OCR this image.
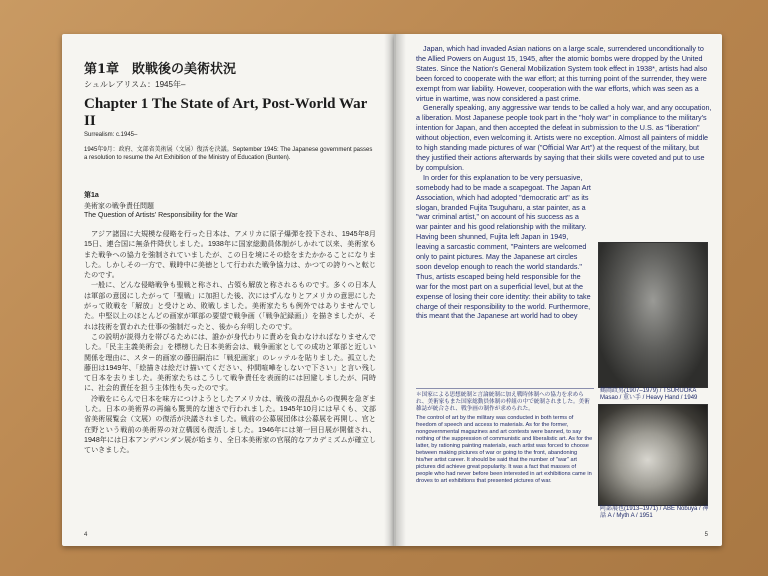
第1章　敗戦後の美術状況
シュルレアリスム：1945年–
Chapter 1 The State of Art, Post-World War II
Surrealism: c.1945–
1945年9月：政府、文部省美術展（文展）復活を決議。September 1945: The Japanese government passes a resolution to resume the Art Exhibition of the Ministry of Education (Bunten).
第1a
美術家の戦争責任問題
The Question of Artists' Responsibility for the War

アジア諸国に大規模な侵略を行った日本は、アメリカに原子爆弾を投下され、1945年8月15日、連合国に無条件降伏しました。1938年に国家総動員体制がしかれて以来、美術家もまた戦争への協力を強制されていましたが、この日を境にその絵をまたかかることになりました。しかしその一方で、戦時中に美徳として行われた戦争協力は、かつての誇りへと転じたのです。

一般に、どんな侵略戦争も聖戦と称され、占領も解放と称されるものです。多くの日本人は軍部の意図にしたがって「聖戦」に加担した後、次にはずんなりとアメリカの意思にしたがって敗戦を「解放」と受けとめ、敗戦しました。美術家たちも例外ではありませんでした。中堅以上のほとんどの画家が軍部の要望で戦争画（「戦争記録画」）を描きましたが、それは技術を買われた仕事の強制だったと、後から弁明したのです。

この説明が説得力を帯びるためには、誰かが身代わりに責めを負わなければなりませんでした。「民主主義美術会」を標榜した日本美術会は、戦争画家としての成功と軍部と近しい関係を理由に、スター的画家の藤田嗣治に「戦犯画家」のレッテルを貼りました。孤立した藤田は1949年、「絵描きは絵だけ描いてください、仲間喧嘩をしないで下さい」と言い残して日本を去りました。美術家たちはこうして戦争責任を表面的には回避しましたが、同時に、社会的責任を担う主体性も失ったのです。

冷戦をにらんで日本を味方につけようとしたアメリカは、戦後の混乱からの復興を急ぎました。日本の美術界の再編も驚異的な速さで行われました。1945年10月には早くも、文部省美術展覧会（文展）の復活が決議されました。戦前の公募展団体は公募展を再開し、官と在野という戦前の美術界の対立構図も復活しました。1946年には第一回日展が開催され、1948年には日本アンデパンダン展が始まり、全日本美術家の官展的なアカデミズムが確立していきました。

4

Japan, which had invaded Asian nations on a large scale, surrendered unconditionally to the Allied Powers on August 15, 1945, after the atomic bombs were dropped by the United States. Since the Nation's General Mobilization System took effect in 1938*, artists had also been forced to cooperate with the war effort; at this turning point of the surrender, they were exempt from war liability. However, cooperation with the war efforts, which was seen as a virtue in wartime, was now considered a past crime.

Generally speaking, any aggressive war tends to be called a holy war, and any occupation, a liberation. Most Japanese people took part in the "holy war" in compliance to the military's intention for Japan, and then accepted the defeat in submission to the U.S. as "liberation" without objection, even welcoming it. Artists were no exception. Almost all painters of middle to high standing made pictures of war ("Official War Art") at the request of the military, but they justified their actions afterwards by saying that their skills were coveted and put to use by compulsion.

In order for this explanation to be very persuasive, somebody had to be made a scapegoat. The Japan Art Association, which had adopted "democratic art" as its slogan, branded Fujita Tsuguharu, a star painter, as a "war criminal artist," on account of his success as a war painter and his good relationship with the military. Having been shunned, Fujita left Japan in 1949, leaving a sarcastic comment, "Painters are welcomed only to paint pictures. May the Japanese art circles soon develop enough to reach the world standards." Thus, artists escaped being held responsible for the war for the most part on a superficial level, but at the expense of losing their core identity: their ability to take charge of their responsibility to the world. Furthermore, this meant that the Japanese art world had to obey

＊国家による思想統制と言論統制に加え戦時体制への協力を求められ、美術家もまた国家総動員体制の枠組の中で統制されました。美術雑誌が統合され、戦争画の制作が求められた。

The control of art by the military was conducted in both terms of freedom of speech and access to materials. As for the former, nongovernmental magazines and art contests were banned, to say nothing of the suppression of communistic and liberalistic art. As for the latter, by rationing painting materials, each artist was forced to choose between making pictures of war or going to the front, abandoning his/her artist career. It should be said that the number of "war" art pictures did achieve great popularity. It was a fact that masses of people who had never before been interested in art exhibitions came in droves to art exhibitions that presented pictures of war.

鶴岡政男(1907–1979) / TSURUOKA Masao / 重い手 / Heavy Hand / 1949
阿部展也(1913–1971) / ABE Nobuya / 神話 A / Myth A / 1951
5
